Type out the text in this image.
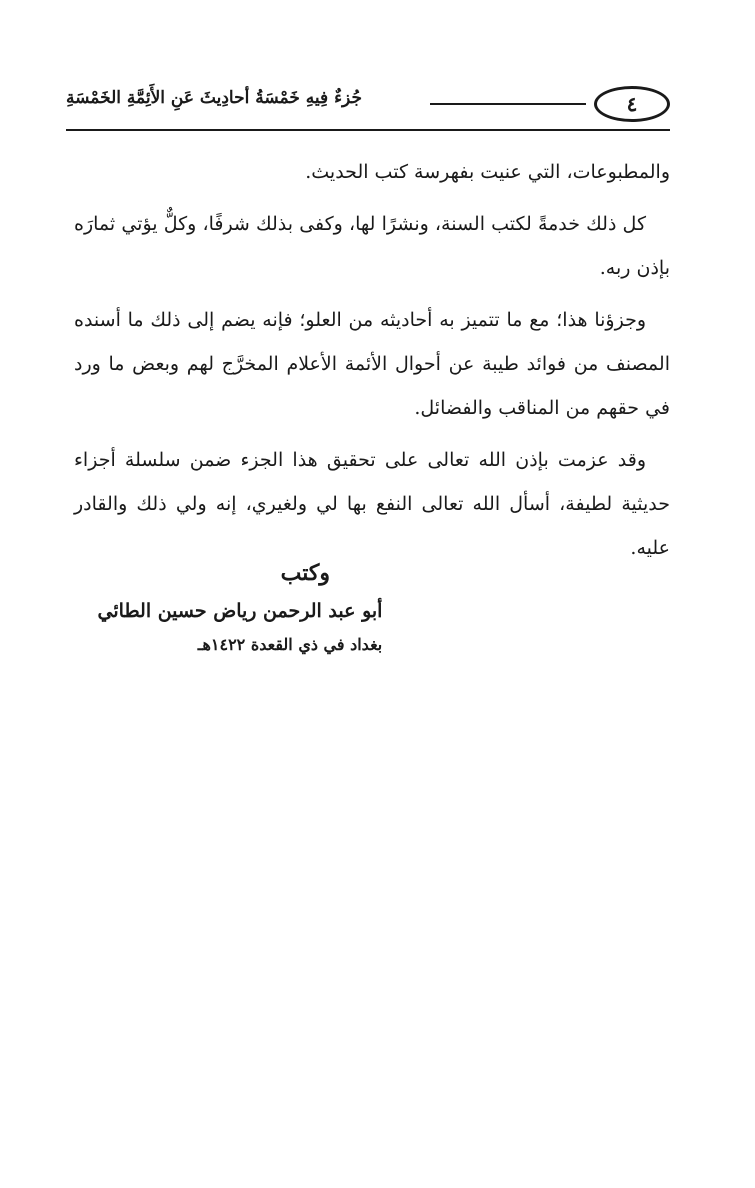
٤
جُزءٌ فِيهِ خَمْسَةُ أحادِيثَ عَنِ الأَئِمَّةِ الخَمْسَةِ

والمطبوعات، التي عنيت بفهرسة كتب الحديث.

كل ذلك خدمةً لكتب السنة، ونشرًا لها، وكفى بذلك شرفًا، وكلٌّ يؤتي ثمارَه بإذن ربه.

وجزؤنا هذا؛ مع ما تتميز به أحاديثه من العلو؛ فإنه يضم إلى ذلك ما أسنده المصنف من فوائد طيبة عن أحوال الأئمة الأعلام المخرَّج لهم وبعض ما ورد في حقهم من المناقب والفضائل.

وقد عزمت بإذن الله تعالى على تحقيق هذا الجزء ضمن سلسلة أجزاء حديثية لطيفة، أسأل الله تعالى النفع بها لي ولغيري، إنه ولي ذلك والقادر عليه.

وكتب
أبو عبد الرحمن رياض حسين الطائي
بغداد في ذي القعدة ١٤٢٢هـ
